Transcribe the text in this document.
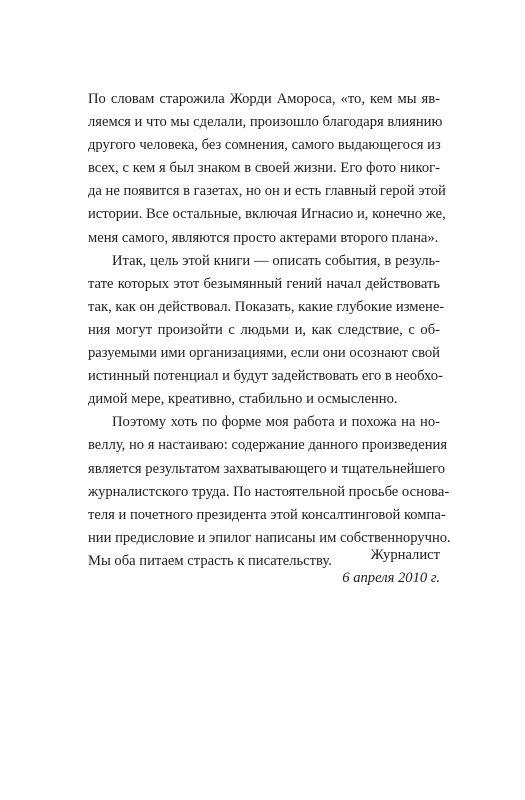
По словам старожила Жорди Амороса, «то, кем мы яв-
ляемся и что мы сделали, произошло благодаря влиянию
другого человека, без сомнения, самого выдающегося из
всех, с кем я был знаком в своей жизни. Его фото никог-
да не появится в газетах, но он и есть главный герой этой
истории. Все остальные, включая Игнасио и, конечно же,
меня самого, являются просто актерами второго плана».
Итак, цель этой книги — описать события, в резуль-
тате которых этот безымянный гений начал действовать
так, как он действовал. Показать, какие глубокие измене-
ния могут произойти с людьми и, как следствие, с об-
разуемыми ими организациями, если они осознают свой
истинный потенциал и будут задействовать его в необхо-
димой мере, креативно, стабильно и осмысленно.
Поэтому хоть по форме моя работа и похожа на но-
веллу, но я настаиваю: содержание данного произведения
является результатом захватывающего и тщательнейшего
журналистского труда. По настоятельной просьбе основа-
теля и почетного президента этой консалтинговой компа-
нии предисловие и эпилог написаны им собственноручно.
Мы оба питаем страсть к писательству.	Журналист
6 апреля 2010 г.
